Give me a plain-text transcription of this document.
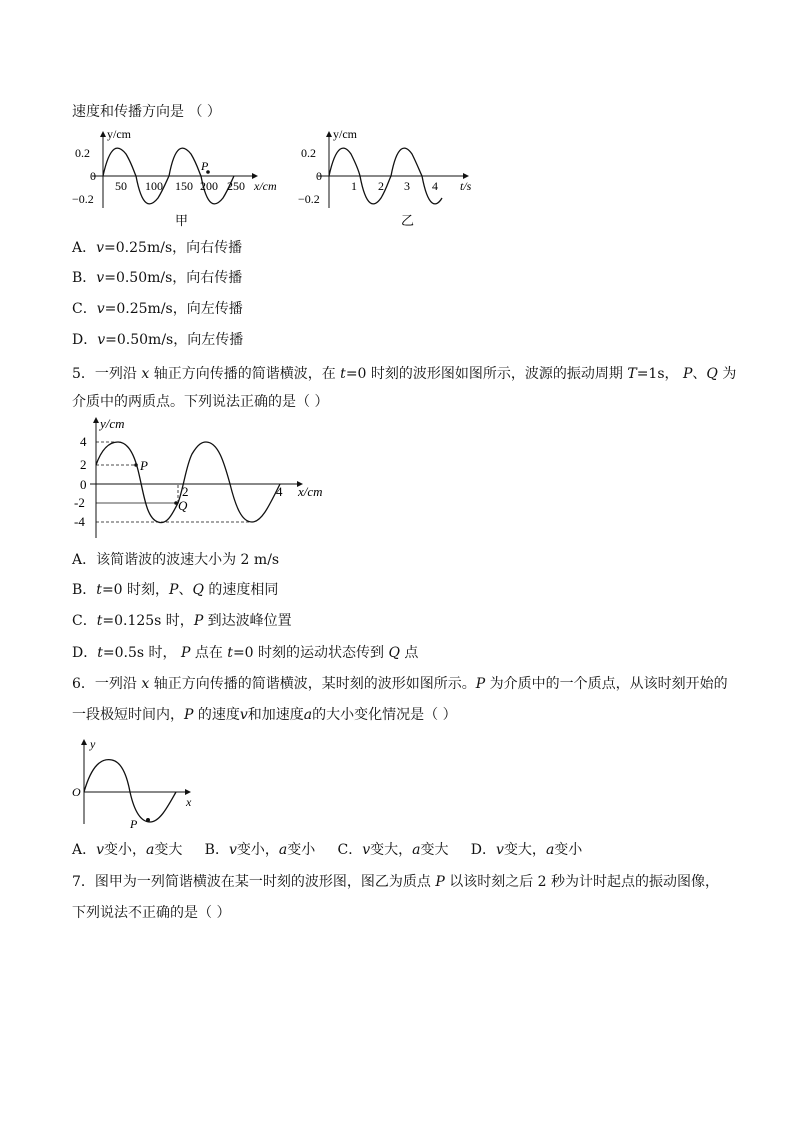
速度和传播方向是 （ ）
y/cm
0.2
0
−0.2
50 100 150 200 250 x/cm
P
甲
y/cm
0.2
0
−0.2
1 2 3 4 t/s
乙
A．v=0.25m/s，向右传播
B．v=0.50m/s，向右传播
C．v=0.25m/s，向左传播
D．v=0.50m/s，向左传播
5．一列沿 x 轴正方向传播的简谐横波，在 t=0 时刻的波形图如图所示，波源的振动周期 T=1s， P、Q 为
介质中的两质点。下列说法正确的是（ ）
y/cm
4
2
0
-2
-4
2	4 x/cm
P
Q
A．该简谐波的波速大小为 2 m/s
B．t=0 时刻，P、Q 的速度相同
C．t=0.125s 时，P 到达波峰位置
D．t=0.5s 时， P 点在 t=0 时刻的运动状态传到 Q 点
6．一列沿 x 轴正方向传播的简谐横波，某时刻的波形如图所示。P 为介质中的一个质点，从该时刻开始的
一段极短时间内，P 的速度v和加速度a的大小变化情况是（ ）
y
x
O
P
A．v变小，a变大 B．v变小，a变小 C．v变大，a变大 D．v变大，a变小
7．图甲为一列简谐横波在某一时刻的波形图，图乙为质点 P 以该时刻之后 2 秒为计时起点的振动图像，
下列说法不正确的是（ ）
